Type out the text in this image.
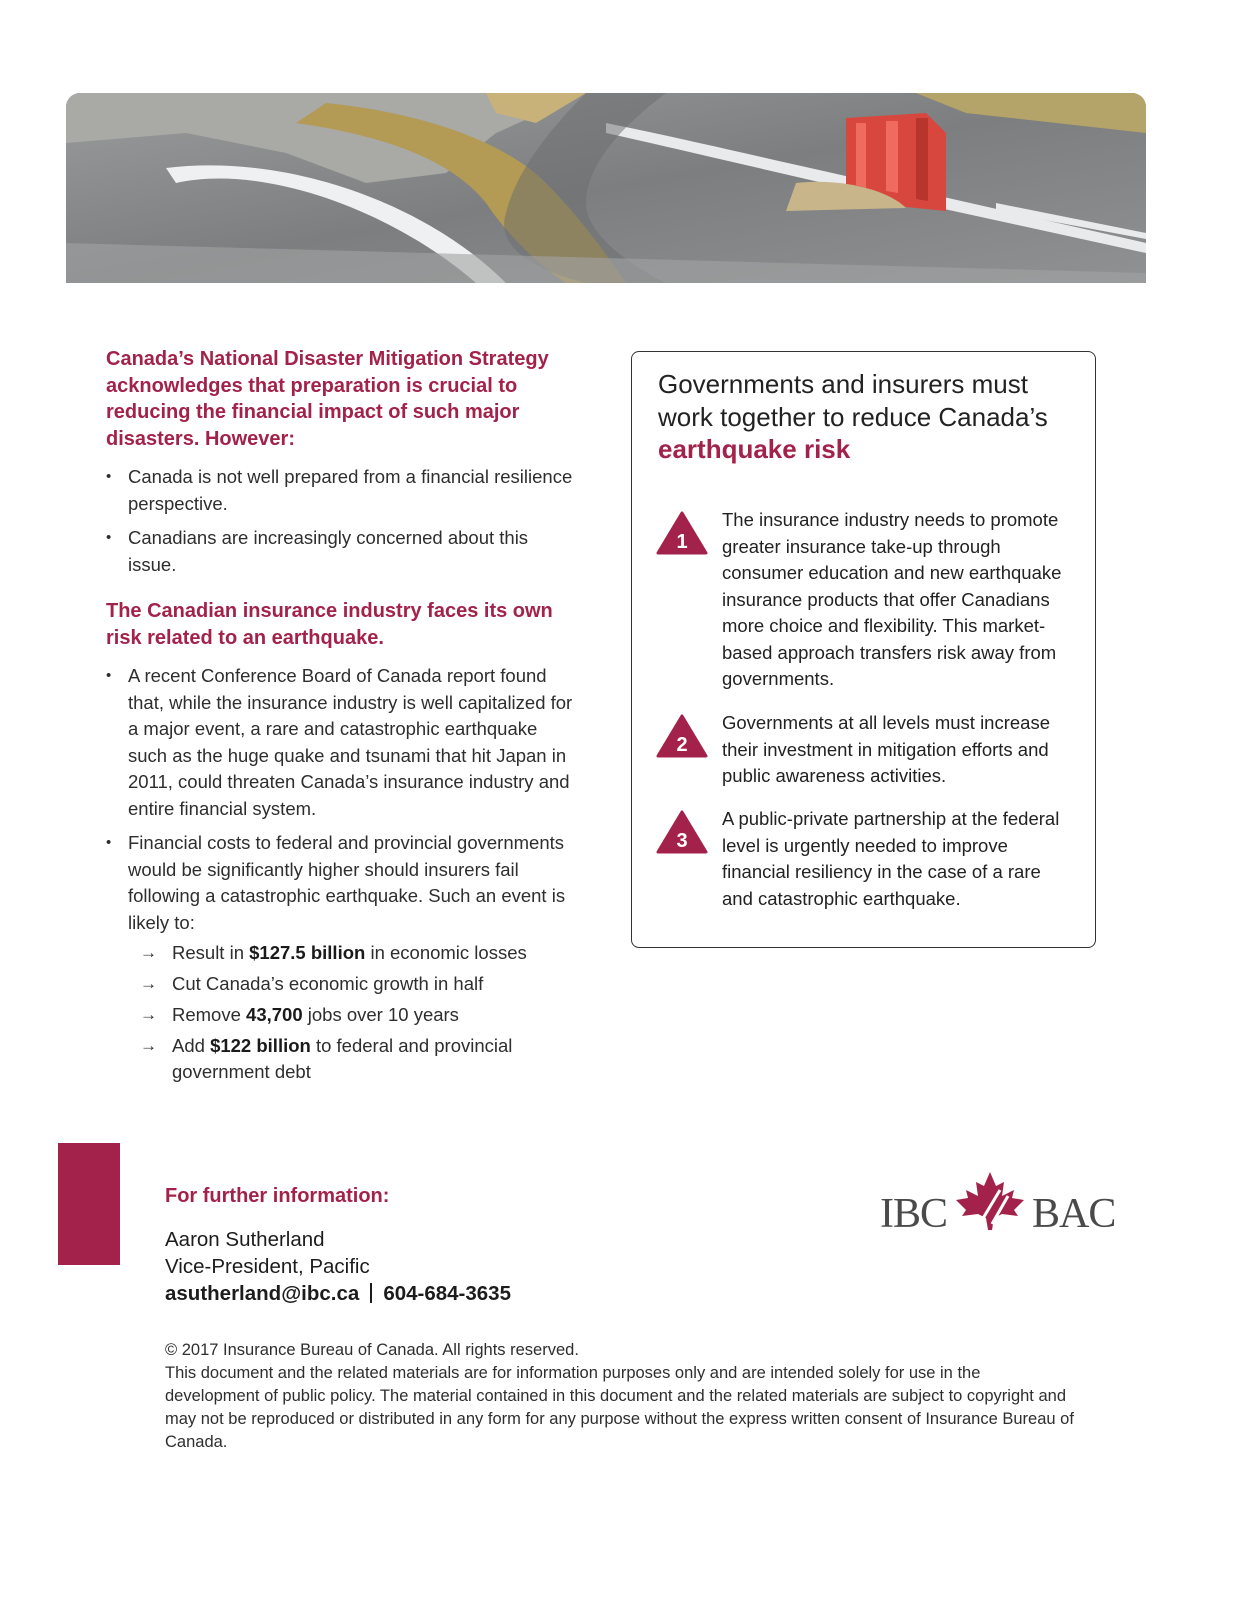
Canada’s National Disaster Mitigation Strategy acknowledges that preparation is crucial to reducing the financial impact of such major disasters. However:

• Canada is not well prepared from a financial resilience perspective.
• Canadians are increasingly concerned about this issue.

The Canadian insurance industry faces its own risk related to an earthquake.

• A recent Conference Board of Canada report found that, while the insurance industry is well capitalized for a major event, a rare and catastrophic earthquake such as the huge quake and tsunami that hit Japan in 2011, could threaten Canada’s insurance industry and entire financial system.
• Financial costs to federal and provincial governments would be significantly higher should insurers fail following a catastrophic earthquake. Such an event is likely to:
→ Result in $127.5 billion in economic losses
→ Cut Canada’s economic growth in half
→ Remove 43,700 jobs over 10 years
→ Add $122 billion to federal and provincial government debt
Governments and insurers must work together to reduce Canada’s earthquake risk
1
The insurance industry needs to promote greater insurance take-up through consumer education and new earthquake insurance products that offer Canadians more choice and flexibility. This market-based approach transfers risk away from governments.
2
Governments at all levels must increase their investment in mitigation efforts and public awareness activities.
3
A public-private partnership at the federal level is urgently needed to improve financial resiliency in the case of a rare and catastrophic earthquake.
For further information:
Aaron Sutherland
Vice-President, Pacific
asutherland@ibc.ca 604-684-3635
IBC BAC

© 2017 Insurance Bureau of Canada. All rights reserved.

This document and the related materials are for information purposes only and are intended solely for use in the development of public policy. The material contained in this document and the related materials are subject to copyright and may not be reproduced or distributed in any form for any purpose without the express written consent of Insurance Bureau of Canada.
